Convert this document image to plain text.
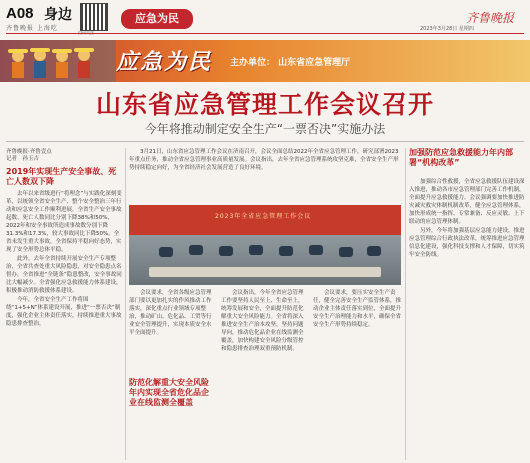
A08 身边
齐鲁晚报 上海吃
应急为民	齐鲁晚报
2023年3月28日 星期四
应急为民 主办单位： 山东省应急管理厅
山东省应急管理工作会议召开
今年将推动制定安全生产“一票否决”实施办法
齐鲁晚报·齐鲁壹点
记者　孙玉吉
2019年实现生产安全事故、死亡人数双下降

去年以来省级进行“将理念”与实践化深刻变革，以统领全省安全生产、整个安全整治三年行动和应急安全工作顺利进展。全省生产安全事故起数、死亡人数同比分别下降38%和50%，2022年和安全事故所造成事故数分别下降31.3%和17.3%，较大事故同比下降50%，全省未发生重大事故，全省保持平稳向好态势，实现了安全形势总体平稳。

此外，去年全省持续开展安全生产专项整治，全省共查处重大风险隐患，对安全隐患点名督办。全省推进“全链条”隐患整改，安全事故同比大幅减少。全省强化应急救援能力体系建设，积极推动消防救援体系建设。

今年，全省安全生产工作将围绕“1+5+N”体系建设开展，推进“一票否决”制度，强化企业主体责任落实，持续推进重大事故隐患排查整治。

3月21日，山东省应急管理工作会议在济南召开，会议全面总结2022年全省应急管理工作，研究部署2023年重点任务，推动全省应急管理事业高质量发展。会议指出，去年全省应急管理系统攻坚克难，全省安全生产形势持续稳定向好，为全省经济社会发展营造了良好环境。

2023年全省应急管理工作会议

会议要求，全省各级应急管理部门要以更加扎实的作风推动工作落实，深化重点行业领域专项整治，推动矿山、危化品、工贸等行业安全管理提升，实现本质安全水平全面提升。

防范化解重大安全风险年内实现全省危化品企业在线监测全覆盖

会议指出，今年全省应急管理工作要坚持人民至上、生命至上，统筹发展和安全，全面提升防范化解重大安全风险能力。全省将深入推进安全生产治本攻坚，坚持问题导向，推动危化品企业在线监测全覆盖，加快构建安全风险分级管控和隐患排查治理双重预防机制。

会议要求，要压实安全生产责任，健全完善安全生产监管体系，推动企业主体责任落实到位，全面提升安全生产治理能力和水平，确保全省安全生产形势持续稳定。

加强防范应急救援能力年内部署“机构改革”

加强综合性救援，全省应急救援队伍建设深入推进，推动各市应急管理部门完善工作机制，全面提升应急救援能力。会议强调要加快推进防灾减灾救灾体制机制改革，健全应急管理体系，加快形成统一指挥、专常兼备、反应灵敏、上下联动的应急管理体制。

另外，今年将加强基层应急能力建设，推进应急管理综合行政执法改革，统筹推进应急管理信息化建设，强化科技支撑和人才保障，切实筑牢安全防线。
